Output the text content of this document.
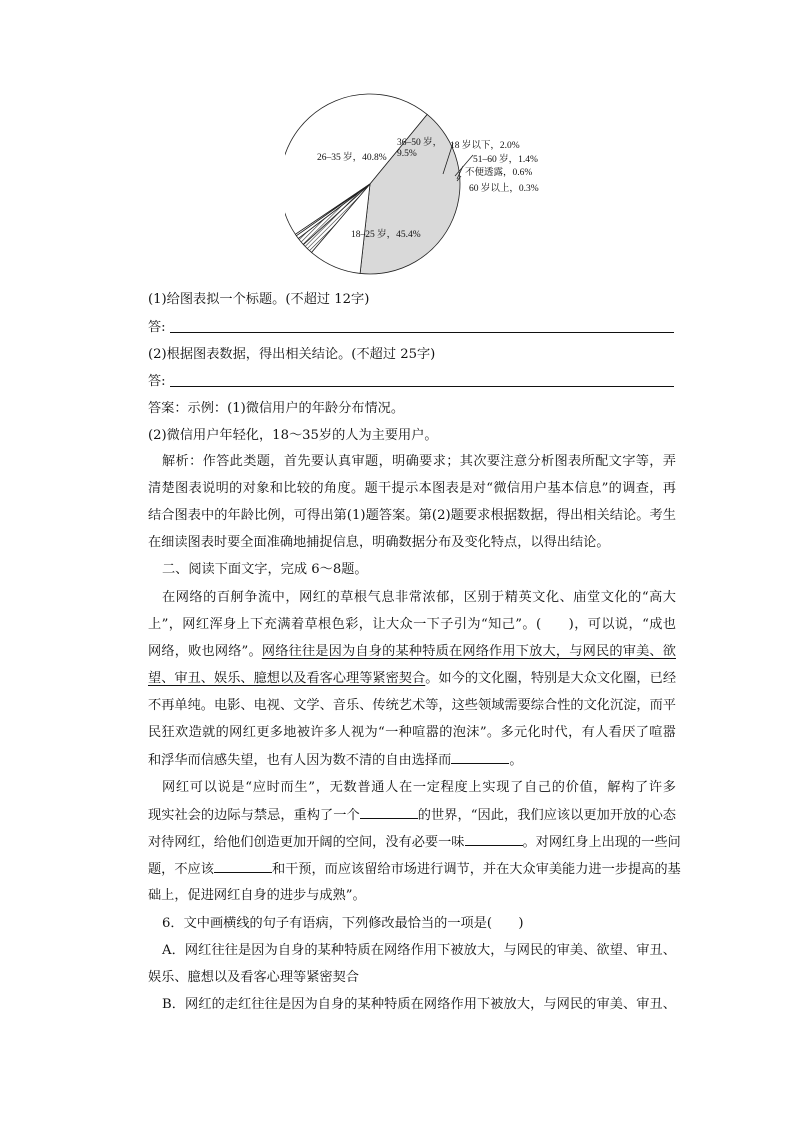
26–35 岁，40.8%
18–25 岁，45.4%
36–50 岁，
9.5%
18 岁以下，2.0%
51–60 岁，1.4%
不便透露，0.6%
60 岁以上，0.3%
(1)给图表拟一个标题。(不超过 12字)
答:
(2)根据图表数据，得出相关结论。(不超过 25字)
答:
答案：示例：(1)微信用户的年龄分布情况。
(2)微信用户年轻化，18～35岁的人为主要用户。
解析：作答此类题，首先要认真审题，明确要求；其次要注意分析图表所配文字等，弄
清楚图表说明的对象和比较的角度。题干提示本图表是对“微信用户基本信息”的调查，再
结合图表中的年龄比例，可得出第(1)题答案。第(2)题要求根据数据，得出相关结论。考生
在细读图表时要全面准确地捕捉信息，明确数据分布及变化特点，以得出结论。
二、阅读下面文字，完成 6～8题。
在网络的百舸争流中，网红的草根气息非常浓郁，区别于精英文化、庙堂文化的“高大
上”，网红浑身上下充满着草根色彩，让大众一下子引为“知己”。(　　)，可以说，“成也
网络，败也网络”。网络往往是因为自身的某种特质在网络作用下放大，与网民的审美、欲
望、审丑、娱乐、臆想以及看客心理等紧密契合。如今的文化圈，特别是大众文化圈，已经
不再单纯。电影、电视、文学、音乐、传统艺术等，这些领域需要综合性的文化沉淀，而平
民狂欢造就的网红更多地被许多人视为“一种喧嚣的泡沫”。多元化时代，有人看厌了喧嚣
和浮华而信感失望，也有人因为数不清的自由选择而	。
网红可以说是“应时而生”，无数普通人在一定程度上实现了自己的价值，解构了许多
现实社会的边际与禁忌，重构了一个	的世界，“因此，我们应该以更加开放的心态
对待网红，给他们创造更加开阔的空间，没有必要一味	。对网红身上出现的一些问
题，不应该	和干预，而应该留给市场进行调节，并在大众审美能力进一步提高的基
础上，促进网红自身的进步与成熟”。
6．文中画横线的句子有语病，下列修改最恰当的一项是(　　)
A．网红往往是因为自身的某种特质在网络作用下被放大，与网民的审美、欲望、审丑、
娱乐、臆想以及看客心理等紧密契合
B．网红的走红往往是因为自身的某种特质在网络作用下被放大，与网民的审美、审丑、
